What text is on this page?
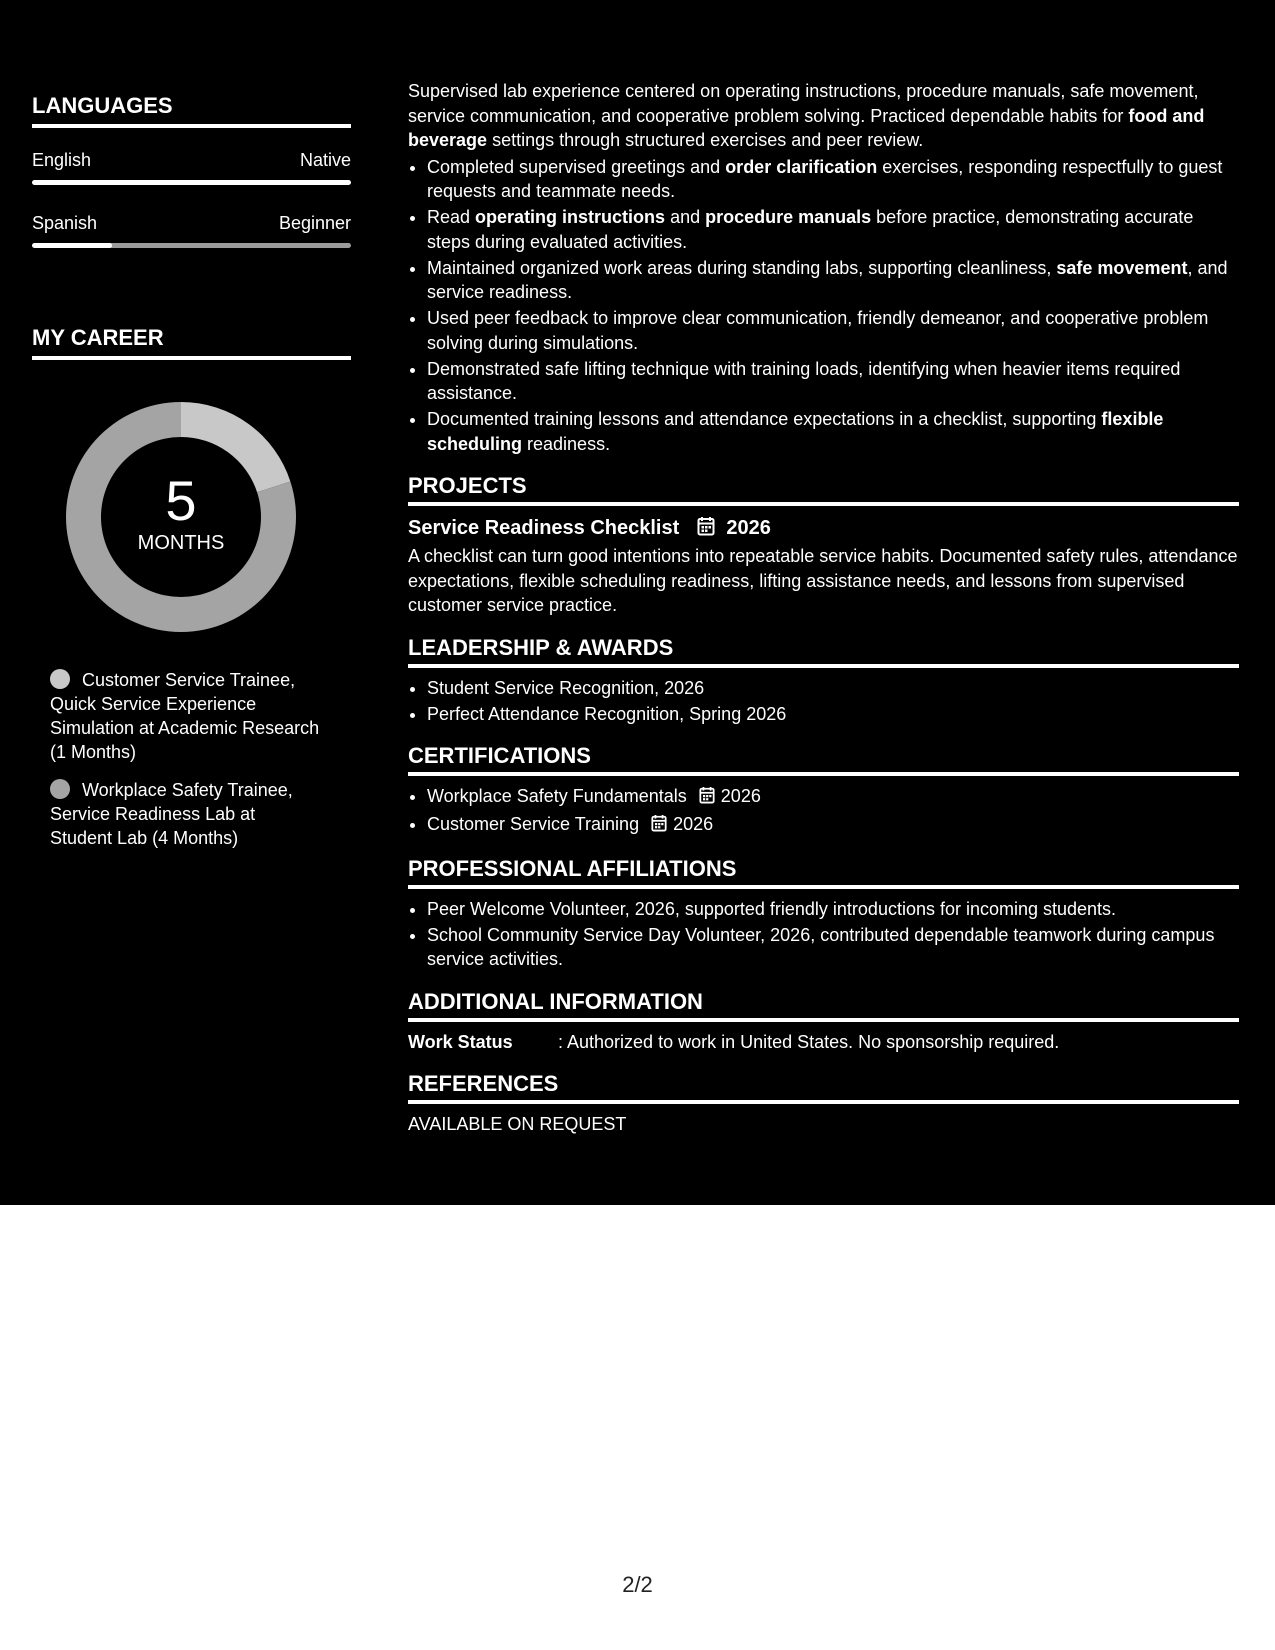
LANGUAGES
English	Native
Spanish	Beginner
MY CAREER
5
MONTHS
Customer Service Trainee, Quick Service Experience Simulation at Academic Research (1 Months)
Workplace Safety Trainee, Service Readiness Lab at Student Lab (4 Months)

Supervised lab experience centered on operating instructions, procedure manuals, safe movement, service communication, and cooperative problem solving. Practiced dependable habits for food and beverage settings through structured exercises and peer review.

• Completed supervised greetings and order clarification exercises, responding respectfully to guest requests and teammate needs.
• Read operating instructions and procedure manuals before practice, demonstrating accurate steps during evaluated activities.
• Maintained organized work areas during standing labs, supporting cleanliness, safe movement, and service readiness.
• Used peer feedback to improve clear communication, friendly demeanor, and cooperative problem solving during simulations.
• Demonstrated safe lifting technique with training loads, identifying when heavier items required assistance.
• Documented training lessons and attendance expectations in a checklist, supporting flexible scheduling readiness.
PROJECTS
Service Readiness Checklist 2026

A checklist can turn good intentions into repeatable service habits. Documented safety rules, attendance expectations, flexible scheduling readiness, lifting assistance needs, and lessons from supervised customer service practice.

LEADERSHIP & AWARDS
• Student Service Recognition, 2026
• Perfect Attendance Recognition, Spring 2026
CERTIFICATIONS
• Workplace Safety Fundamentals 2026
• Customer Service Training 2026
PROFESSIONAL AFFILIATIONS
• Peer Welcome Volunteer, 2026, supported friendly introductions for incoming students.
• School Community Service Day Volunteer, 2026, contributed dependable teamwork during campus service activities.
ADDITIONAL INFORMATION
Work Status	: Authorized to work in United States. No sponsorship required.
REFERENCES
AVAILABLE ON REQUEST
2/2
